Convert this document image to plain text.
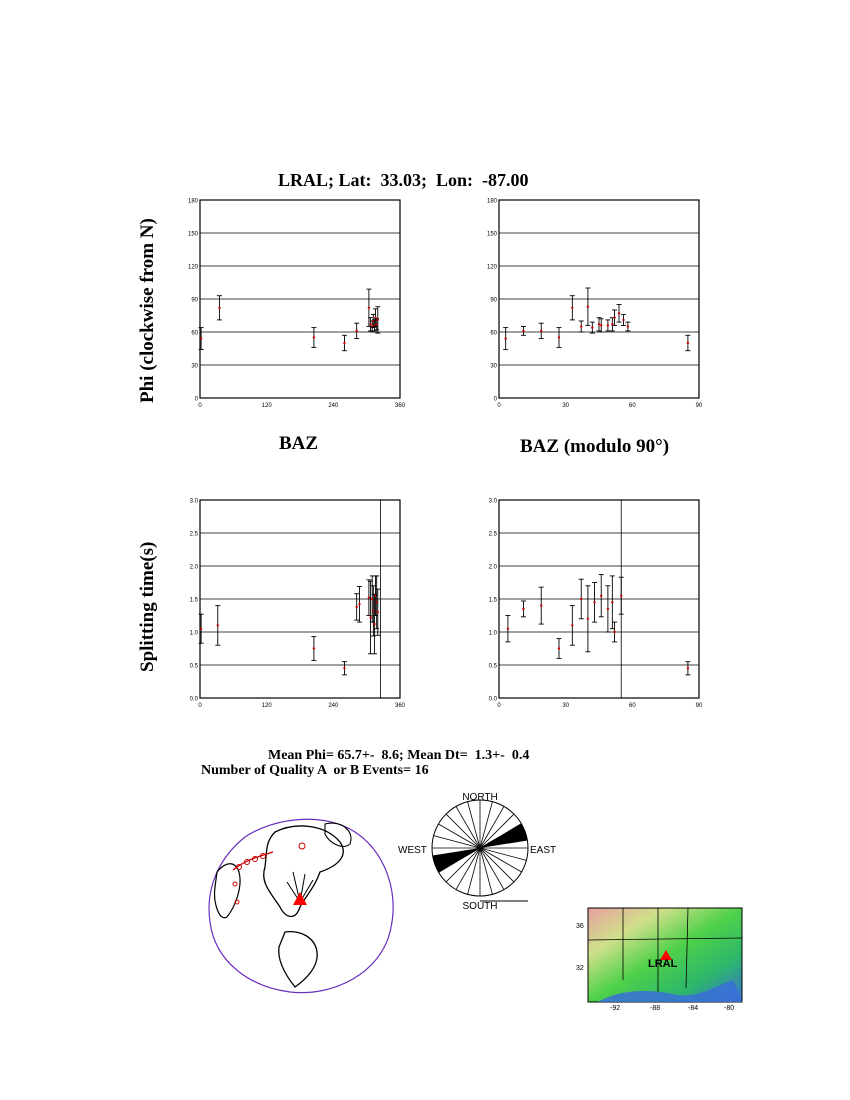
LRAL; Lat:  33.03;  Lon:  -87.00
Phi (clockwise from N)
Splitting time(s)
BAZ	BAZ (modulo 90°)
0
30
60
90
120
150
180
0	120	240	360
0
30
60
90
120
150
180
0	30	60	90
0.0
0.5
1.0
1.5
2.0
2.5
3.0
0	120	240	360
0.0
0.5
1.0
1.5
2.0
2.5
3.0
0	30	60	90
Mean Phi= 65.7+-  8.6; Mean Dt=  1.3+-  0.4
Number of Quality A  or B Events= 16
NORTH
SOUTH
WEST	EAST
LRAL
36
32
-92	-88	-84	-80
